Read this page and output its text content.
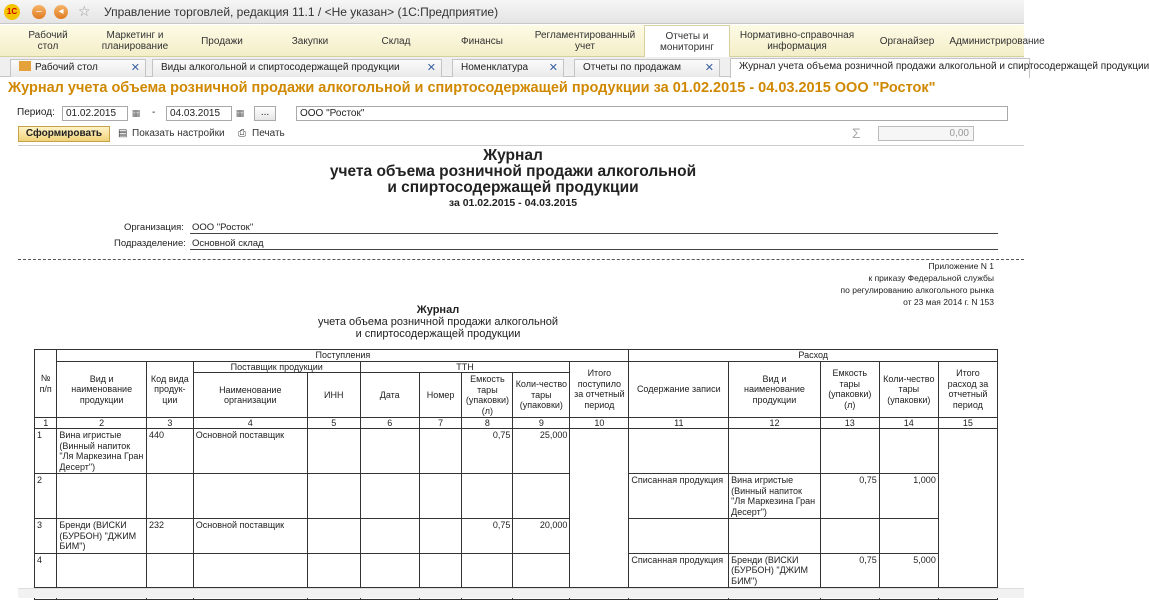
1С	–	◂	☆ Управление торговлей, редакция 11.1 / <Не указан> (1С:Предприятие)
Рабочий стол
Маркетинг и планирование	Продажи	Закупки	Склад	Финансы	Регламентированный учет
Отчеты и мониторинг
Нормативно-справочная информация	Органайзер	Администрирование
Рабочий стол	✕	Виды алкогольной и спиртосодержащей продукции ✕	Номенклатура ✕	Отчеты по продажам ✕	Журнал учета объема розничной продажи алкогольной и спиртосодержащей продукции
Журнал учета объема розничной продажи алкогольной и спиртосодержащей продукции за 01.02.2015 - 04.03.2015 ООО "Росток"
Период:	01.02.2015	▦ -	04.03.2015	▦	...	ООО "Росток"
Сформировать	▤ Показать настройки ⎙ Печать	Σ	0,00
Журнал
учета объема розничной продажи алкогольной
и спиртосодержащей продукции
за 01.02.2015 - 04.03.2015
Организация: ООО "Росток"
Подразделение: Основной склад
Приложение N 1
к приказу Федеральной службы
по регулированию алкогольного рынка
от 23 мая 2014 г. N 153
Журнал
учета объема розничной продажи алкогольной
и спиртосодержащей продукции
№ п/п	Поступления									Расход				
	Вид и наименование продукции	Код вида продук-ции	Поставщик продукции		ТТН				Итого поступило за отчетный период	Содержание записи	Вид и наименование продукции	Емкость тары (упаковки) (л)	Коли-чество тары (упаковки)	Итого расход за отчетный период
			Наименование организации	ИНН	Дата	Номер	Емкость тары (упаковки) (л)	Коли-чество тары (упаковки)						
1	2	3	4	5	6	7	8	9	10	11	12	13	14	15
1	Вина игристые (Винный напиток "Ля Маркезина Гран Десерт")	440	Основной поставщик				0,75	25,000						
2										Списанная продукция	Вина игристые (Винный напиток "Ля Маркезина Гран Десерт")	0,75	1,000	
3	Бренди (ВИСКИ (БУРБОН) "ДЖИМ БИМ")	232	Основной поставщик				0,75	20,000						
4										Списанная продукция	Бренди (ВИСКИ (БУРБОН) "ДЖИМ БИМ")	0,75	5,000	
